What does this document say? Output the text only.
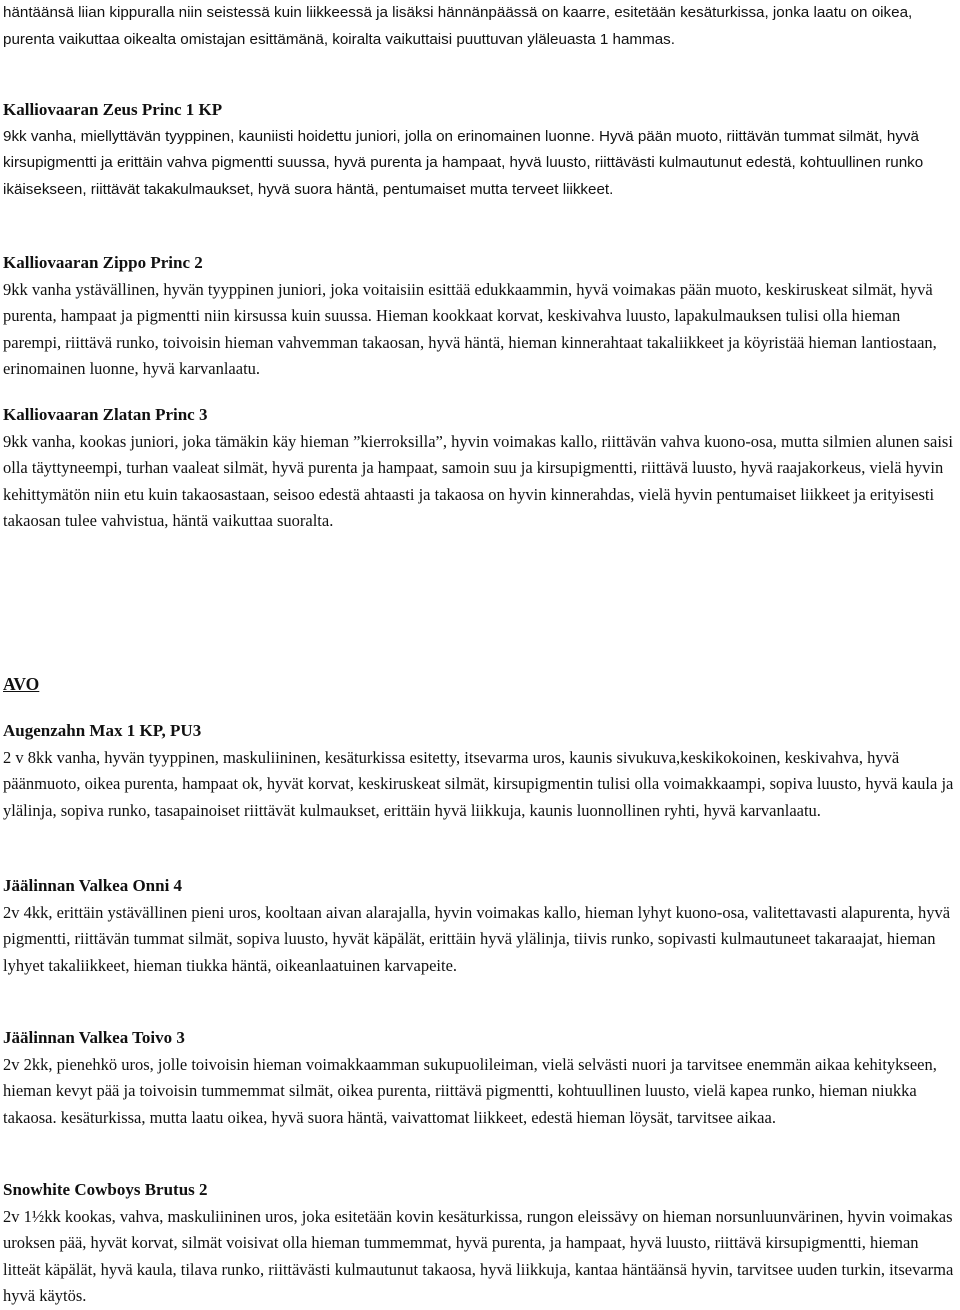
häntäänsä liian kippuralla niin seistessä kuin liikkeessä ja lisäksi hännänpäässä on kaarre, esitetään kesäturkissa, jonka laatu on oikea, purenta vaikuttaa oikealta omistajan esittämänä, koiralta vaikuttaisi puuttuvan yläleuasta 1 hammas.

Kalliovaaran Zeus Princ 1 KP
9kk vanha, miellyttävän tyyppinen, kauniisti hoidettu juniori, jolla on erinomainen luonne. Hyvä pään muoto, riittävän tummat silmät, hyvä kirsupigmentti ja erittäin vahva pigmentti suussa, hyvä purenta ja hampaat, hyvä luusto, riittävästi kulmautunut edestä, kohtuullinen runko ikäisekseen, riittävät takakulmaukset, hyvä suora häntä, pentumaiset mutta terveet liikkeet.
Kalliovaaran Zippo Princ 2
9kk vanha ystävällinen, hyvän tyyppinen juniori, joka voitaisiin esittää edukkaammin, hyvä voimakas pään muoto, keskiruskeat silmät, hyvä purenta, hampaat ja pigmentti niin kirsussa kuin suussa. Hieman kookkaat korvat, keskivahva luusto, lapakulmauksen tulisi olla hieman parempi, riittävä runko, toivoisin hieman vahvemman takaosan, hyvä häntä, hieman kinnerahtaat takaliikkeet ja köyristää hieman lantiostaan, erinomainen luonne, hyvä karvanlaatu.
Kalliovaaran Zlatan Princ 3
9kk vanha, kookas juniori, joka tämäkin käy hieman ”kierroksilla”, hyvin voimakas kallo, riittävän vahva kuono-osa, mutta silmien alunen saisi olla täyttyneempi, turhan vaaleat silmät, hyvä purenta ja hampaat, samoin suu ja kirsupigmentti, riittävä luusto, hyvä raajakorkeus, vielä hyvin kehittymätön niin etu kuin takaosastaan, seisoo edestä ahtaasti ja takaosa on hyvin kinnerahdas, vielä hyvin pentumaiset liikkeet ja erityisesti takaosan tulee vahvistua, häntä vaikuttaa suoralta.
AVO
Augenzahn Max 1 KP, PU3
2 v 8kk vanha, hyvän tyyppinen, maskuliininen, kesäturkissa esitetty, itsevarma uros, kaunis sivukuva,keskikokoinen, keskivahva, hyvä päänmuoto, oikea purenta, hampaat ok, hyvät korvat, keskiruskeat silmät, kirsupigmentin tulisi olla voimakkaampi, sopiva luusto, hyvä kaula ja ylälinja, sopiva runko, tasapainoiset riittävät kulmaukset, erittäin hyvä liikkuja, kaunis luonnollinen ryhti, hyvä karvanlaatu.
Jäälinnan Valkea Onni 4
2v 4kk, erittäin ystävällinen pieni uros, kooltaan aivan alarajalla, hyvin voimakas kallo, hieman lyhyt kuono-osa, valitettavasti alapurenta, hyvä pigmentti, riittävän tummat silmät, sopiva luusto, hyvät käpälät, erittäin hyvä ylälinja, tiivis runko, sopivasti kulmautuneet takaraajat, hieman lyhyet takaliikkeet, hieman tiukka häntä, oikeanlaatuinen karvapeite.
Jäälinnan Valkea Toivo 3
2v 2kk, pienehkö uros, jolle toivoisin hieman voimakkaamman sukupuolileiman, vielä selvästi nuori ja tarvitsee enemmän aikaa kehitykseen, hieman kevyt pää ja toivoisin tummemmat silmät, oikea purenta, riittävä pigmentti, kohtuullinen luusto, vielä kapea runko, hieman niukka takaosa. kesäturkissa, mutta laatu oikea, hyvä suora häntä, vaivattomat liikkeet, edestä hieman löysät, tarvitsee aikaa.
Snowhite Cowboys Brutus 2
2v 1½kk kookas, vahva, maskuliininen uros, joka esitetään kovin kesäturkissa, rungon eleissävy on hieman norsunluunvärinen, hyvin voimakas uroksen pää, hyvät korvat, silmät voisivat olla hieman tummemmat, hyvä purenta, ja hampaat, hyvä luusto, riittävä kirsupigmentti, hieman litteät käpälät, hyvä kaula, tilava runko, riittävästi kulmautunut takaosa, hyvä liikkuja, kantaa häntäänsä hyvin, tarvitsee uuden turkin, itsevarma hyvä käytös.
